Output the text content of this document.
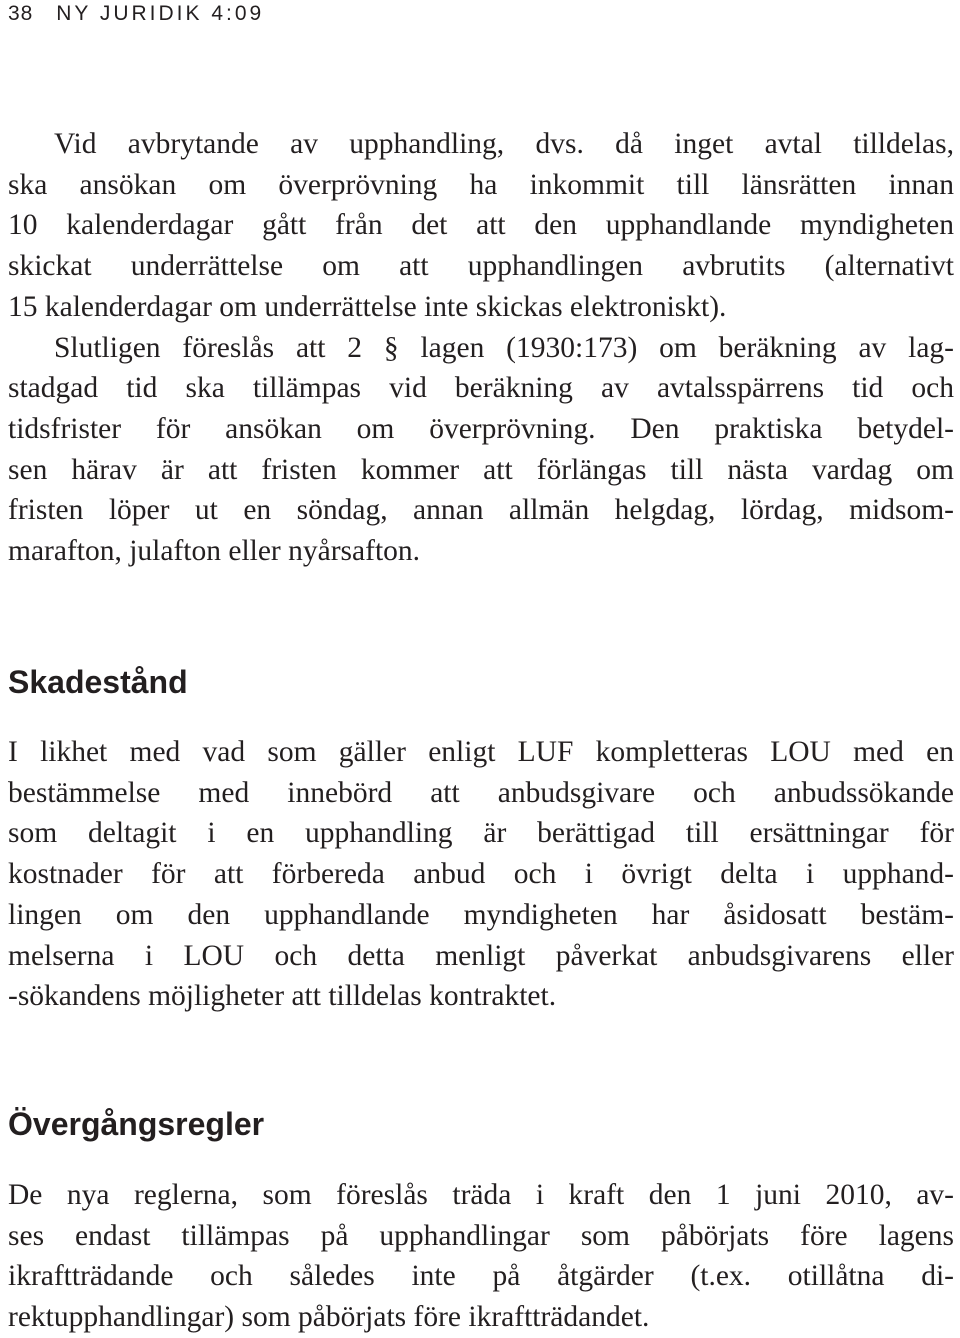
38 NY JURIDIK 4:09
Vid avbrytande av upphandling, dvs. då inget avtal tilldelas,
ska ansökan om överprövning ha inkommit till länsrätten innan
10 kalenderdagar gått från det att den upphandlande myndigheten
skickat underrättelse om att upphandlingen avbrutits (alternativt
15 kalenderdagar om underrättelse inte skickas elektroniskt).
Slutligen föreslås att 2 § lagen (1930:173) om beräkning av lag-
stadgad tid ska tillämpas vid beräkning av avtalsspärrens tid och
tidsfrister för ansökan om överprövning. Den praktiska betydel-
sen härav är att fristen kommer att förlängas till nästa vardag om
fristen löper ut en söndag, annan allmän helgdag, lördag, midsom-
marafton, julafton eller nyårsafton.
Skadestånd
I likhet med vad som gäller enligt LUF kompletteras LOU med en
bestämmelse med innebörd att anbudsgivare och anbudssökande
som deltagit i en upphandling är berättigad till ersättningar för
kostnader för att förbereda anbud och i övrigt delta i upphand-
lingen om den upphandlande myndigheten har åsidosatt bestäm-
melserna i LOU och detta menligt påverkat anbudsgivarens eller
-sökandens möjligheter att tilldelas kontraktet.
Övergångsregler
De nya reglerna, som föreslås träda i kraft den 1 juni 2010, av-
ses endast tillämpas på upphandlingar som påbörjats före lagens
ikraftträdande och således inte på åtgärder (t.ex. otillåtna di-
rektupphandlingar) som påbörjats före ikraftträdandet.
